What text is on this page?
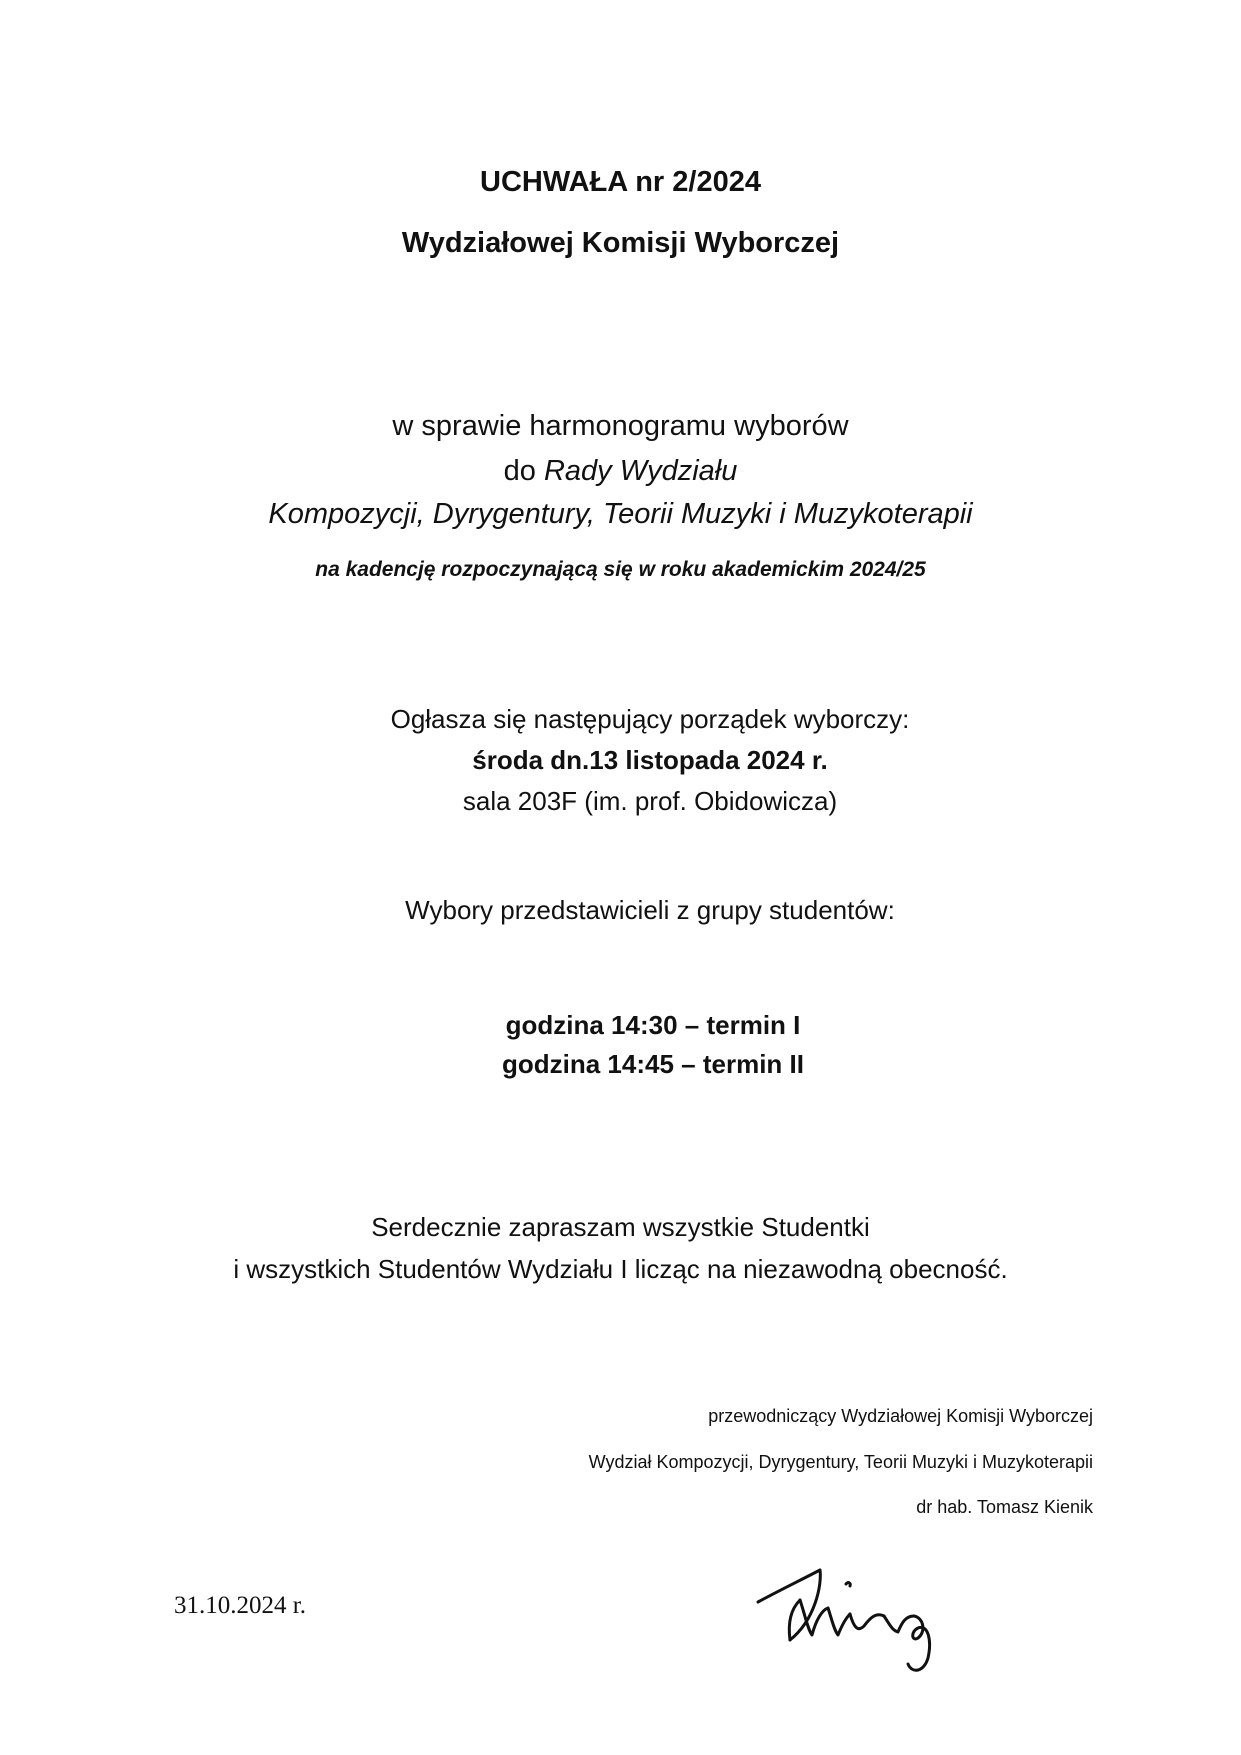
UCHWAŁA nr 2/2024
Wydziałowej Komisji Wyborczej
w sprawie harmonogramu wyborów
do Rady Wydziału
Kompozycji, Dyrygentury, Teorii Muzyki i Muzykoterapii
na kadencję rozpoczynającą się w roku akademickim 2024/25
Ogłasza się następujący porządek wyborczy:
środa dn.13 listopada 2024 r.
sala 203F (im. prof. Obidowicza)
Wybory przedstawicieli z grupy studentów:
godzina 14:30 – termin I
godzina 14:45 – termin II
Serdecznie zapraszam wszystkie Studentki
i wszystkich Studentów Wydziału I licząc na niezawodną obecność.
przewodniczący Wydziałowej Komisji Wyborczej
Wydział Kompozycji, Dyrygentury, Teorii Muzyki i Muzykoterapii
dr hab. Tomasz Kienik
31.10.2024 r.
